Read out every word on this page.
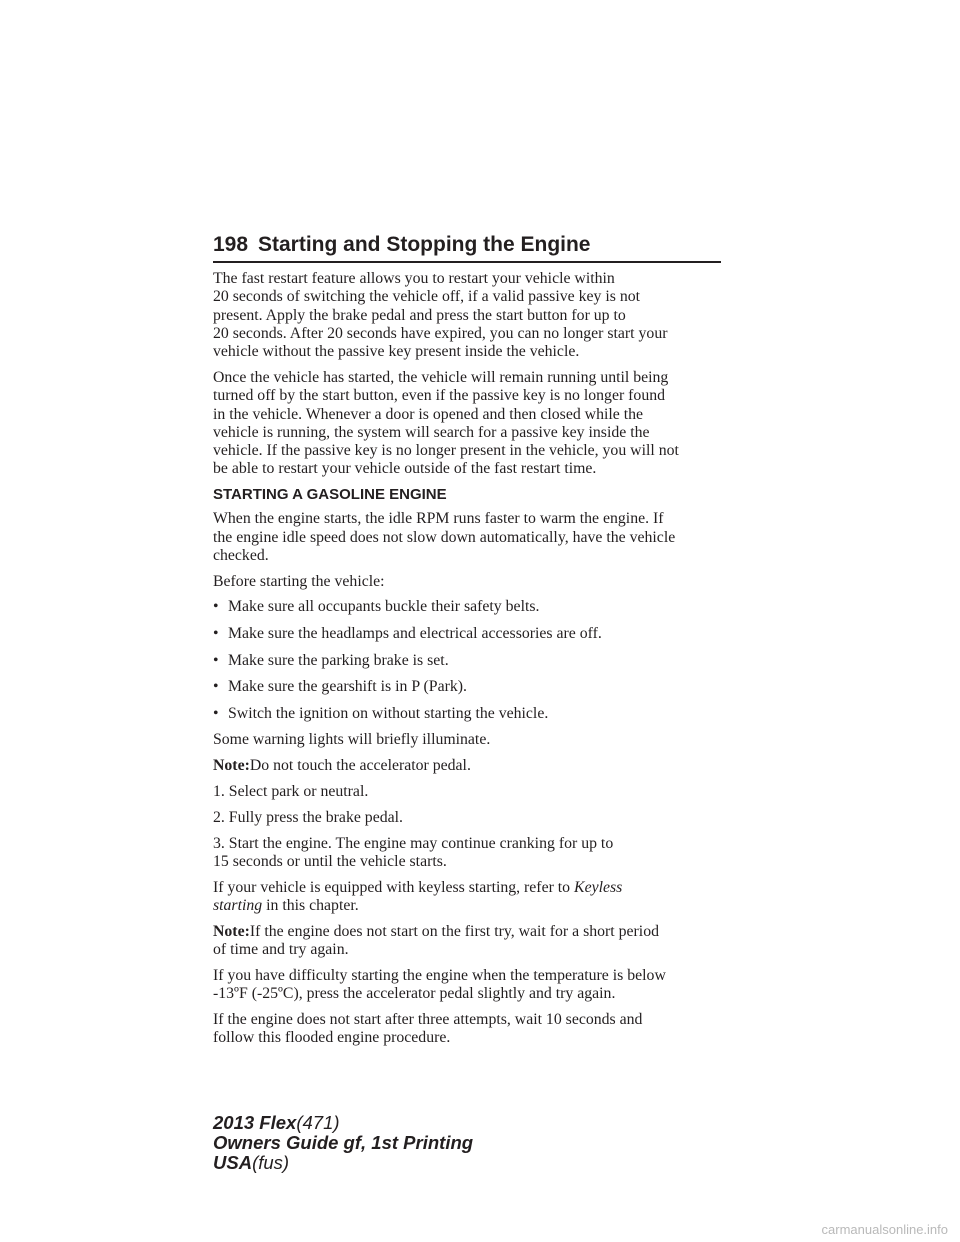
198 Starting and Stopping the Engine

The fast restart feature allows you to restart your vehicle within
20 seconds of switching the vehicle off, if a valid passive key is not
present. Apply the brake pedal and press the start button for up to
20 seconds. After 20 seconds have expired, you can no longer start your
vehicle without the passive key present inside the vehicle.

Once the vehicle has started, the vehicle will remain running until being
turned off by the start button, even if the passive key is no longer found
in the vehicle. Whenever a door is opened and then closed while the
vehicle is running, the system will search for a passive key inside the
vehicle. If the passive key is no longer present in the vehicle, you will not
be able to restart your vehicle outside of the fast restart time.

STARTING A GASOLINE ENGINE

When the engine starts, the idle RPM runs faster to warm the engine. If
the engine idle speed does not slow down automatically, have the vehicle
checked.

Before starting the vehicle:

• Make sure all occupants buckle their safety belts.
• Make sure the headlamps and electrical accessories are off.
• Make sure the parking brake is set.
• Make sure the gearshift is in P (Park).
• Switch the ignition on without starting the vehicle.

Some warning lights will briefly illuminate.

Note:Do not touch the accelerator pedal.

1. Select park or neutral.

2. Fully press the brake pedal.

3. Start the engine. The engine may continue cranking for up to
15 seconds or until the vehicle starts.

If your vehicle is equipped with keyless starting, refer to Keyless
starting in this chapter.

Note:If the engine does not start on the first try, wait for a short period
of time and try again.

If you have difficulty starting the engine when the temperature is below
-13ºF (-25ºC), press the accelerator pedal slightly and try again.

If the engine does not start after three attempts, wait 10 seconds and
follow this flooded engine procedure.

2013 Flex(471)
Owners Guide gf, 1st Printing
USA(fus)
carmanualsonline.info
